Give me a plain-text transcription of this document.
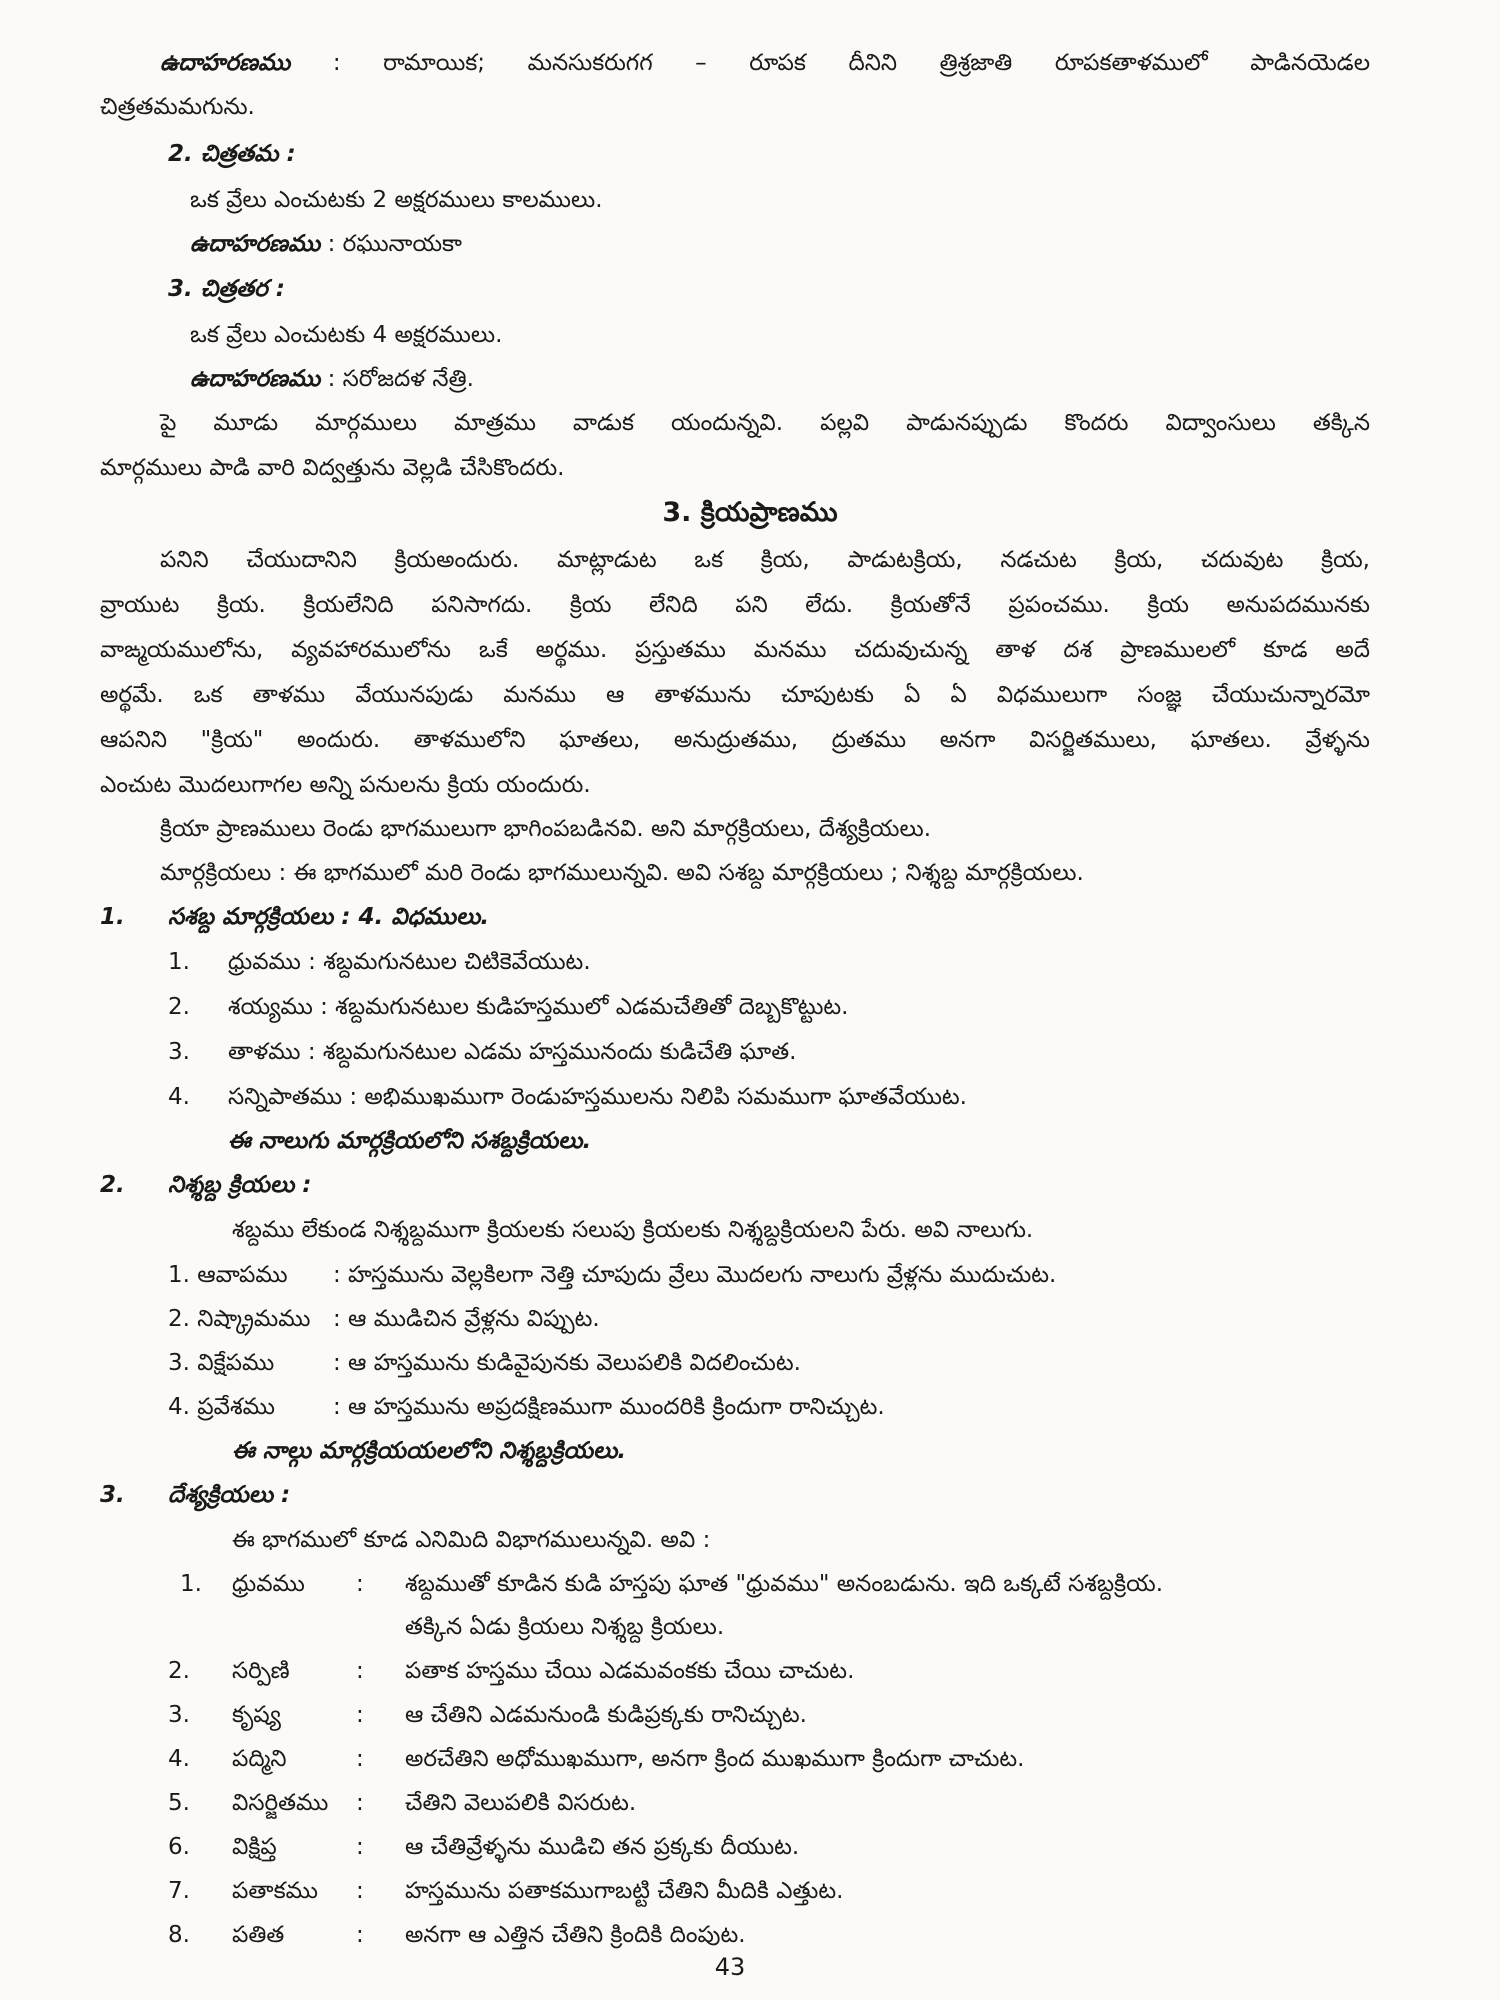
ఉదాహరణము : రామాయిక; మనసుకరుగగ – రూపక దీనిని త్రిశ్రజాతి రూపకతాళములో పాడినయెడల
చిత్రతమమగును.
2. చిత్రతమ :
ఒక వ్రేలు ఎంచుటకు 2 అక్షరములు కాలములు.
ఉదాహరణము : రఘునాయకా
3. చిత్రతర :
ఒక వ్రేలు ఎంచుటకు 4 అక్షరములు.
ఉదాహరణము : సరోజదళ నేత్రి.
పై మూడు మార్గములు మాత్రము వాడుక యందున్నవి. పల్లవి పాడునప్పుడు కొందరు విద్వాంసులు తక్కిన
మార్గములు పాడి వారి విద్వత్తును వెల్లడి చేసికొందరు.
3. క్రియప్రాణము
పనిని చేయుదానిని క్రియఅందురు. మాట్లాడుట ఒక క్రియ, పాడుటక్రియ, నడచుట క్రియ, చదువుట క్రియ,
వ్రాయుట క్రియ. క్రియలేనిది పనిసాగదు. క్రియ లేనిది పని లేదు. క్రియతోనే ప్రపంచము. క్రియ అనుపదమునకు
వాఙ్మయములోను, వ్యవహారములోను ఒకే అర్థము. ప్రస్తుతము మనము చదువుచున్న తాళ దశ ప్రాణములలో కూడ అదే
అర్థమే. ఒక తాళము వేయునపుడు మనము ఆ తాళమును చూపుటకు ఏ ఏ విధములుగా సంజ్ఞ చేయుచున్నారమో
ఆపనిని "క్రియ" అందురు. తాళములోని ఘాతలు, అనుద్రుతము, ద్రుతము అనగా విసర్జితములు, ఘాతలు. వ్రేళ్ళను
ఎంచుట మొదలుగాగల అన్ని పనులను క్రియ యందురు.
క్రియా ప్రాణములు రెండు భాగములుగా భాగింపబడినవి. అని మార్గక్రియలు, దేశ్యక్రియలు.
మార్గక్రియలు : ఈ భాగములో మరి రెండు భాగములున్నవి. అవి సశబ్ద మార్గక్రియలు ; నిశ్శబ్ద మార్గక్రియలు.
1. సశబ్ద మార్గక్రియలు : 4. విధములు.
1. ధ్రువము : శబ్దమగునటుల చిటికెవేయుట.
2. శయ్యము : శబ్దమగునటుల కుడిహస్తములో ఎడమచేతితో దెబ్బకొట్టుట.
3. తాళము : శబ్దమగునటుల ఎడమ హస్తమునందు కుడిచేతి ఘాత.
4. సన్నిపాతము : అభిముఖముగా రెండుహస్తములను నిలిపి సమముగా ఘాతవేయుట.
ఈ నాలుగు మార్గక్రియలోని సశబ్దక్రియలు.
2. నిశ్శబ్ద క్రియలు :
శబ్దము లేకుండ నిశ్శబ్దముగా క్రియలకు సలుపు క్రియలకు నిశ్శబ్దక్రియలని పేరు. అవి నాలుగు.
1. ఆవాపము : హస్తమును వెల్లకిలగా నెత్తి చూపుదు వ్రేలు మొదలగు నాలుగు వ్రేళ్లను ముదుచుట.
2. నిష్క్రామము : ఆ ముడిచిన వ్రేళ్లను విప్పుట.
3. విక్షేపము	: ఆ హస్తమును కుడివైపునకు వెలుపలికి విదలించుట.
4. ప్రవేశము	: ఆ హస్తమును అప్రదక్షిణముగా ముందరికి క్రిందుగా రానిచ్చుట.
ఈ నాల్గు మార్గక్రియయలలోని నిశ్శబ్దక్రియలు.
3. దేశ్యక్రియలు :
ఈ భాగములో కూడ ఎనిమిది విభాగములున్నవి. అవి :
1. ధ్రువము : శబ్దముతో కూడిన కుడి హస్తపు ఘాత "ధ్రువము" అనంబడును. ఇది ఒక్కటే సశబ్దక్రియ.
తక్కిన ఏడు క్రియలు నిశ్శబ్ద క్రియలు.
2. సర్పిణి	: పతాక హస్తము చేయి ఎడమవంకకు చేయి చాచుట.
3. కృష్య	: ఆ చేతిని ఎడమనుండి కుడిప్రక్కకు రానిచ్చుట.
4. పద్మిని	: అరచేతిని అధోముఖముగా, అనగా క్రింద ముఖముగా క్రిందుగా చాచుట.
5. విసర్జితము : చేతిని వెలుపలికి విసరుట.
6. విక్షిప్త	: ఆ చేతివ్రేళ్ళను ముడిచి తన ప్రక్కకు దీయుట.
7. పతాకము : హస్తమును పతాకముగాబట్టి చేతిని మీదికి ఎత్తుట.
8. పతిత	: అనగా ఆ ఎత్తిన చేతిని క్రిందికి దింపుట.
43
